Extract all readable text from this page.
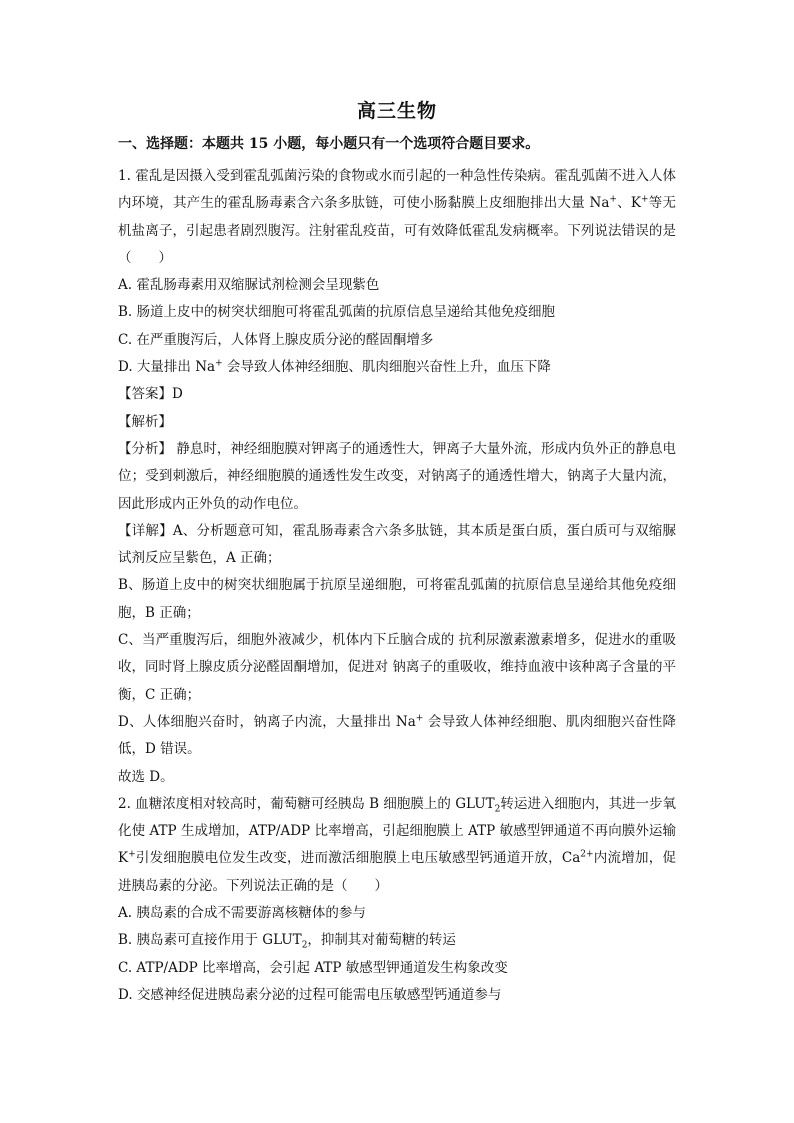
高三生物
一、选择题：本题共 15 小题，每小题只有一个选项符合题目要求。

1. 霍乱是因摄入受到霍乱弧菌污染的食物或水而引起的一种急性传染病。霍乱弧菌不进入人体内环境，其产生的霍乱肠毒素含六条多肽链，可使小肠黏膜上皮细胞排出大量 Na+、K+等无机盐离子，引起患者剧烈腹泻。注射霍乱疫苗，可有效降低霍乱发病概率。下列说法错误的是（　　）

A. 霍乱肠毒素用双缩脲试剂检测会呈现紫色

B. 肠道上皮中的树突状细胞可将霍乱弧菌的抗原信息呈递给其他免疫细胞

C. 在严重腹泻后，人体肾上腺皮质分泌的醛固酮增多

D. 大量排出 Na+ 会导致人体神经细胞、肌肉细胞兴奋性上升，血压下降

【答案】D

【解析】

【分析】 静息时，神经细胞膜对钾离子的通透性大，钾离子大量外流，形成内负外正的静息电位；受到刺激后，神经细胞膜的通透性发生改变，对钠离子的通透性增大，钠离子大量内流，因此形成内正外负的动作电位。

【详解】A、分析题意可知，霍乱肠毒素含六条多肽链，其本质是蛋白质，蛋白质可与双缩脲试剂反应呈紫色，A 正确；

B、肠道上皮中的树突状细胞属于抗原呈递细胞，可将霍乱弧菌的抗原信息呈递给其他免疫细胞，B 正确；

C、当严重腹泻后，细胞外液减少，机体内下丘脑合成的 抗利尿激素激素增多，促进水的重吸收，同时肾上腺皮质分泌醛固酮增加，促进对 钠离子的重吸收，维持血液中该种离子含量的平衡，C 正确；

D、人体细胞兴奋时，钠离子内流，大量排出 Na+ 会导致人体神经细胞、肌肉细胞兴奋性降低，D 错误。

故选 D。

2. 血糖浓度相对较高时，葡萄糖可经胰岛 B 细胞膜上的 $GLUT_2$转运进入细胞内，其进一步氧化使 ATP 生成增加，ATP/ADP 比率增高，引起细胞膜上 ATP 敏感型钾通道不再向膜外运输 K+引发细胞膜电位发生改变，进而激活细胞膜上电压敏感型钙通道开放，$Ca^{2+}$内流增加，促进胰岛素的分泌。下列说法正确的是（　　）

A. 胰岛素的合成不需要游离核糖体的参与

B. 胰岛素可直接作用于 $GLUT_2$，抑制其对葡萄糖的转运

C. ATP/ADP 比率增高，会引起 ATP 敏感型钾通道发生构象改变

D. 交感神经促进胰岛素分泌的过程可能需电压敏感型钙通道参与
